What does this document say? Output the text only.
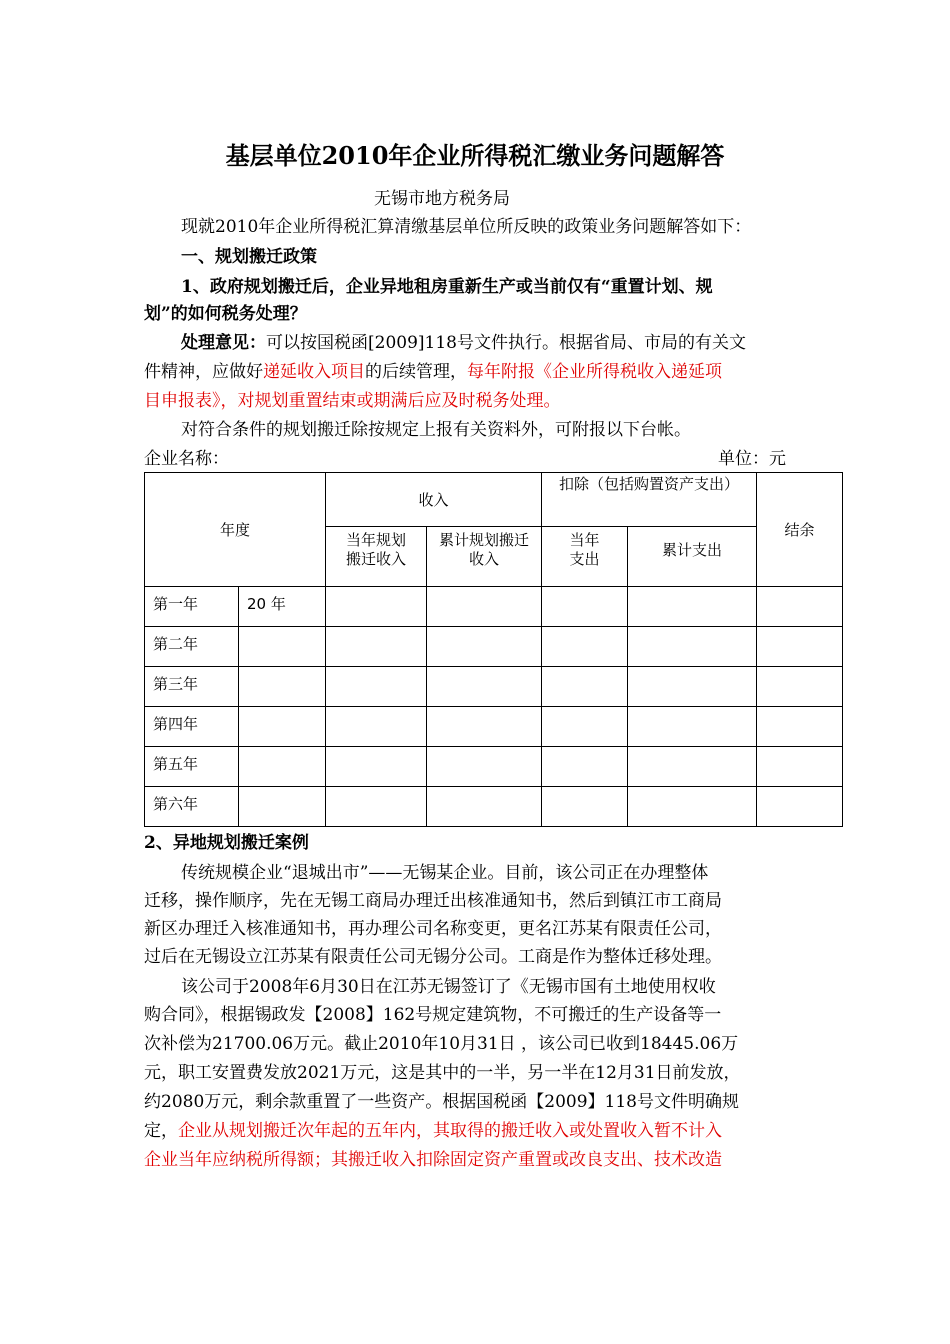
基层单位2010年企业所得税汇缴业务问题解答
无锡市地方税务局
现就2010年企业所得税汇算清缴基层单位所反映的政策业务问题解答如下：
一、规划搬迁政策
1、政府规划搬迁后，企业异地租房重新生产或当前仅有“重置计划、规
划”的如何税务处理？
处理意见：可以按国税函[2009]118号文件执行。根据省局、市局的有关文
件精神，应做好递延收入项目的后续管理，每年附报《企业所得税收入递延项
目申报表》，对规划重置结束或期满后应及时税务处理。
对符合条件的规划搬迁除按规定上报有关资料外，可附报以下台帐。
企业名称：	单位：元
年度		收入		扣除（包括购置资产支出）		结余
		当年规划搬迁收入	累计规划搬迁收入	当年支出	累计支出	
第一年	20 年					
第二年						
第三年						
第四年						
第五年						
第六年						
2、异地规划搬迁案例
传统规模企业“退城出市”——无锡某企业。目前，该公司正在办理整体
迁移，操作顺序，先在无锡工商局办理迁出核准通知书，然后到镇江市工商局
新区办理迁入核准通知书，再办理公司名称变更，更名江苏某有限责任公司，
过后在无锡设立江苏某有限责任公司无锡分公司。工商是作为整体迁移处理。
该公司于2008年6月30日在江苏无锡签订了《无锡市国有土地使用权收
购合同》，根据锡政发【2008】162号规定建筑物，不可搬迁的生产设备等一
次补偿为21700.06万元。截止2010年10月31日 ，该公司已收到18445.06万
元，职工安置费发放2021万元，这是其中的一半，另一半在12月31日前发放，
约2080万元，剩余款重置了一些资产。根据国税函【2009】118号文件明确规
定，企业从规划搬迁次年起的五年内，其取得的搬迁收入或处置收入暂不计入
企业当年应纳税所得额；其搬迁收入扣除固定资产重置或改良支出、技术改造
